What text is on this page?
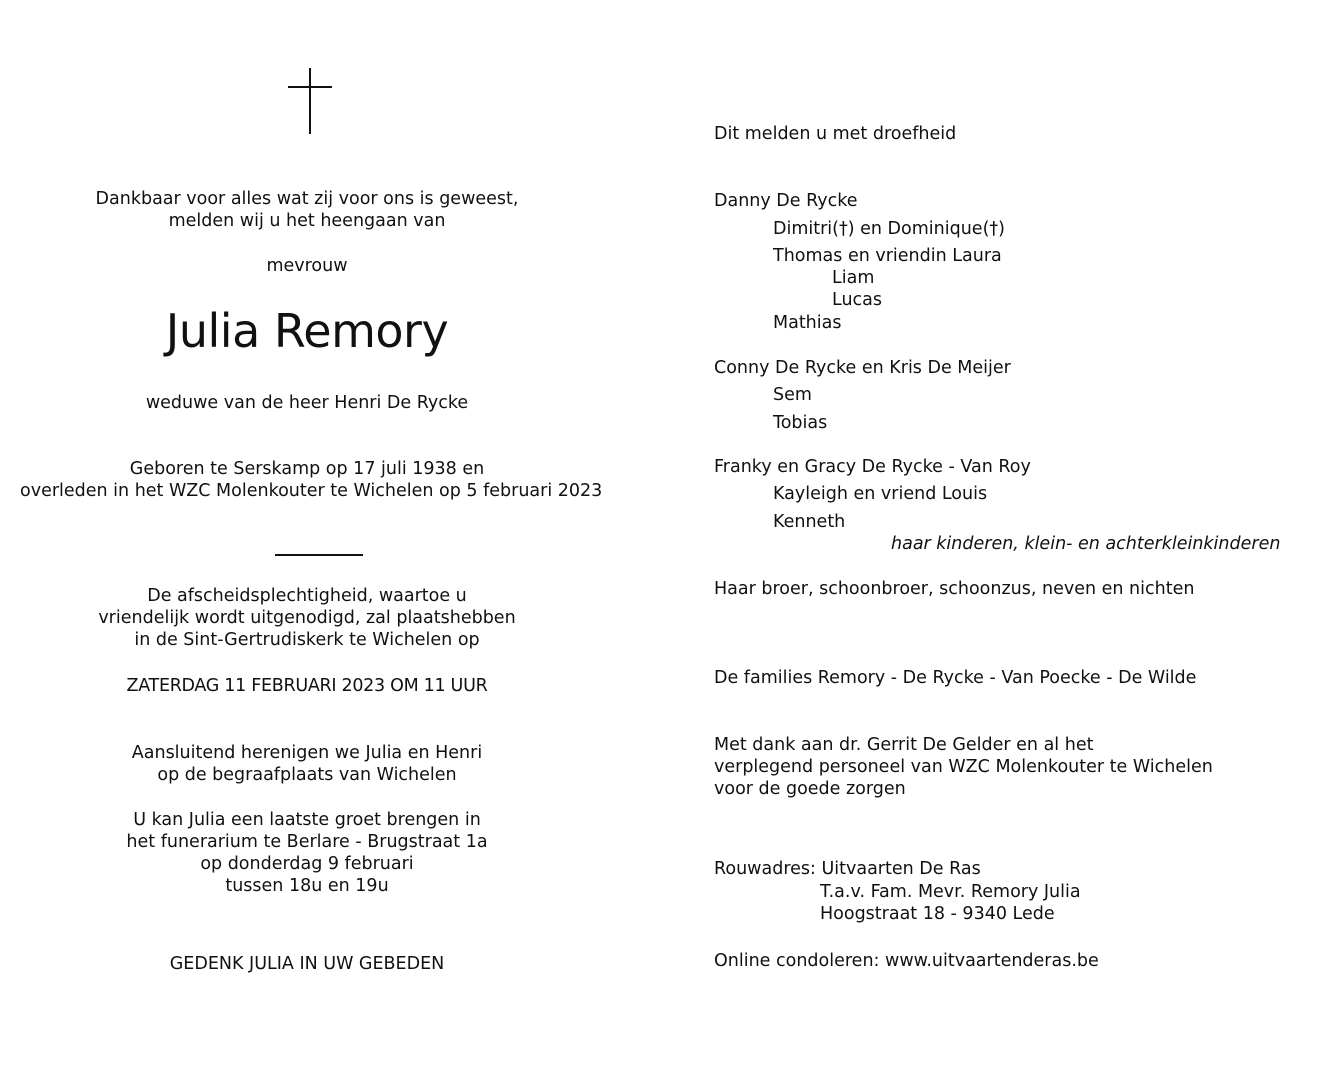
Dankbaar voor alles wat zij voor ons is geweest,
melden wij u het heengaan van
mevrouw
Julia Remory
weduwe van de heer Henri De Rycke
Geboren te Serskamp op 17 juli 1938 en
overleden in het WZC Molenkouter te Wichelen op 5 februari 2023
De afscheidsplechtigheid, waartoe u
vriendelijk wordt uitgenodigd, zal plaatshebben
in de Sint-Gertrudiskerk te Wichelen op
ZATERDAG 11 FEBRUARI 2023 OM 11 UUR
Aansluitend herenigen we Julia en Henri
op de begraafplaats van Wichelen
U kan Julia een laatste groet brengen in
het funerarium te Berlare - Brugstraat 1a
op donderdag 9 februari
tussen 18u en 19u
GEDENK JULIA IN UW GEBEDEN
Dit melden u met droefheid
Danny De Rycke
Dimitri(†) en Dominique(†)
Thomas en vriendin Laura
Liam
Lucas
Mathias
Conny De Rycke en Kris De Meijer
Sem
Tobias
Franky en Gracy De Rycke - Van Roy
Kayleigh en vriend Louis
Kenneth
haar kinderen, klein- en achterkleinkinderen
Haar broer, schoonbroer, schoonzus, neven en nichten
De families Remory - De Rycke - Van Poecke - De Wilde
Met dank aan dr. Gerrit De Gelder en al het
verplegend personeel van WZC Molenkouter te Wichelen
voor de goede zorgen
Rouwadres: Uitvaarten De Ras
T.a.v. Fam. Mevr. Remory Julia
Hoogstraat 18 - 9340 Lede
Online condoleren: www.uitvaartenderas.be
